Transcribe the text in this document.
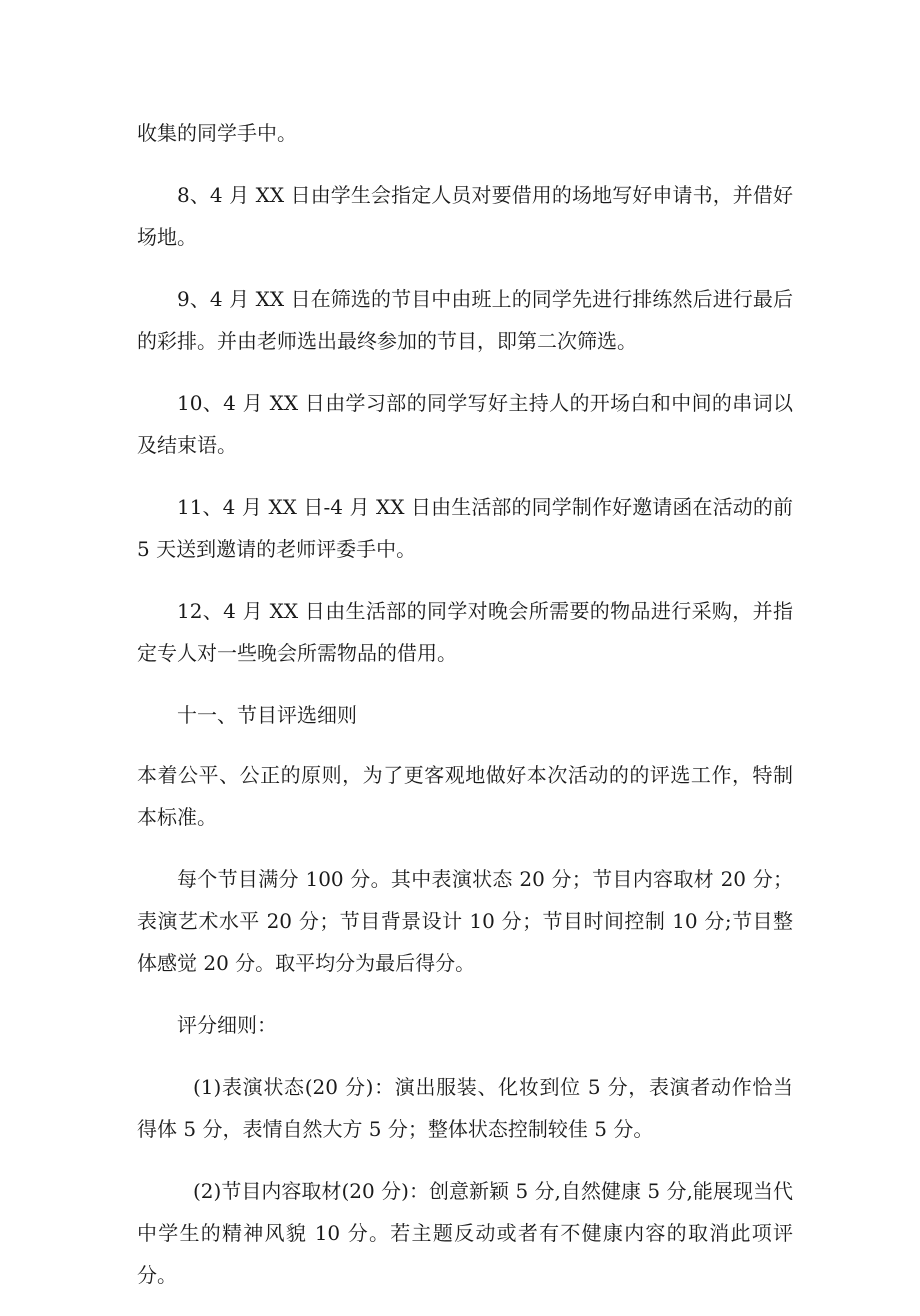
收集的同学手中。

8、4 月 XX 日由学生会指定人员对要借用的场地写好申请书，并借好场地。

9、4 月 XX 日在筛选的节目中由班上的同学先进行排练然后进行最后的彩排。并由老师选出最终参加的节目，即第二次筛选。

10、4 月 XX 日由学习部的同学写好主持人的开场白和中间的串词以及结束语。

11、4 月 XX 日-4 月 XX 日由生活部的同学制作好邀请函在活动的前 5 天送到邀请的老师评委手中。

12、4 月 XX 日由生活部的同学对晚会所需要的物品进行采购，并指定专人对一些晚会所需物品的借用。

十一、节目评选细则

本着公平、公正的原则，为了更客观地做好本次活动的的评选工作，特制本标准。

每个节目满分 100 分。其中表演状态 20 分；节目内容取材 20 分；表演艺术水平 20 分；节目背景设计 10 分；节目时间控制 10 分;节目整体感觉 20 分。取平均分为最后得分。

评分细则：

(1)表演状态(20 分)：演出服装、化妆到位 5 分，表演者动作恰当得体 5 分，表情自然大方 5 分；整体状态控制较佳 5 分。

(2)节目内容取材(20 分)：创意新颖 5 分,自然健康 5 分,能展现当代中学生的精神风貌 10 分。若主题反动或者有不健康内容的取消此项评分。
